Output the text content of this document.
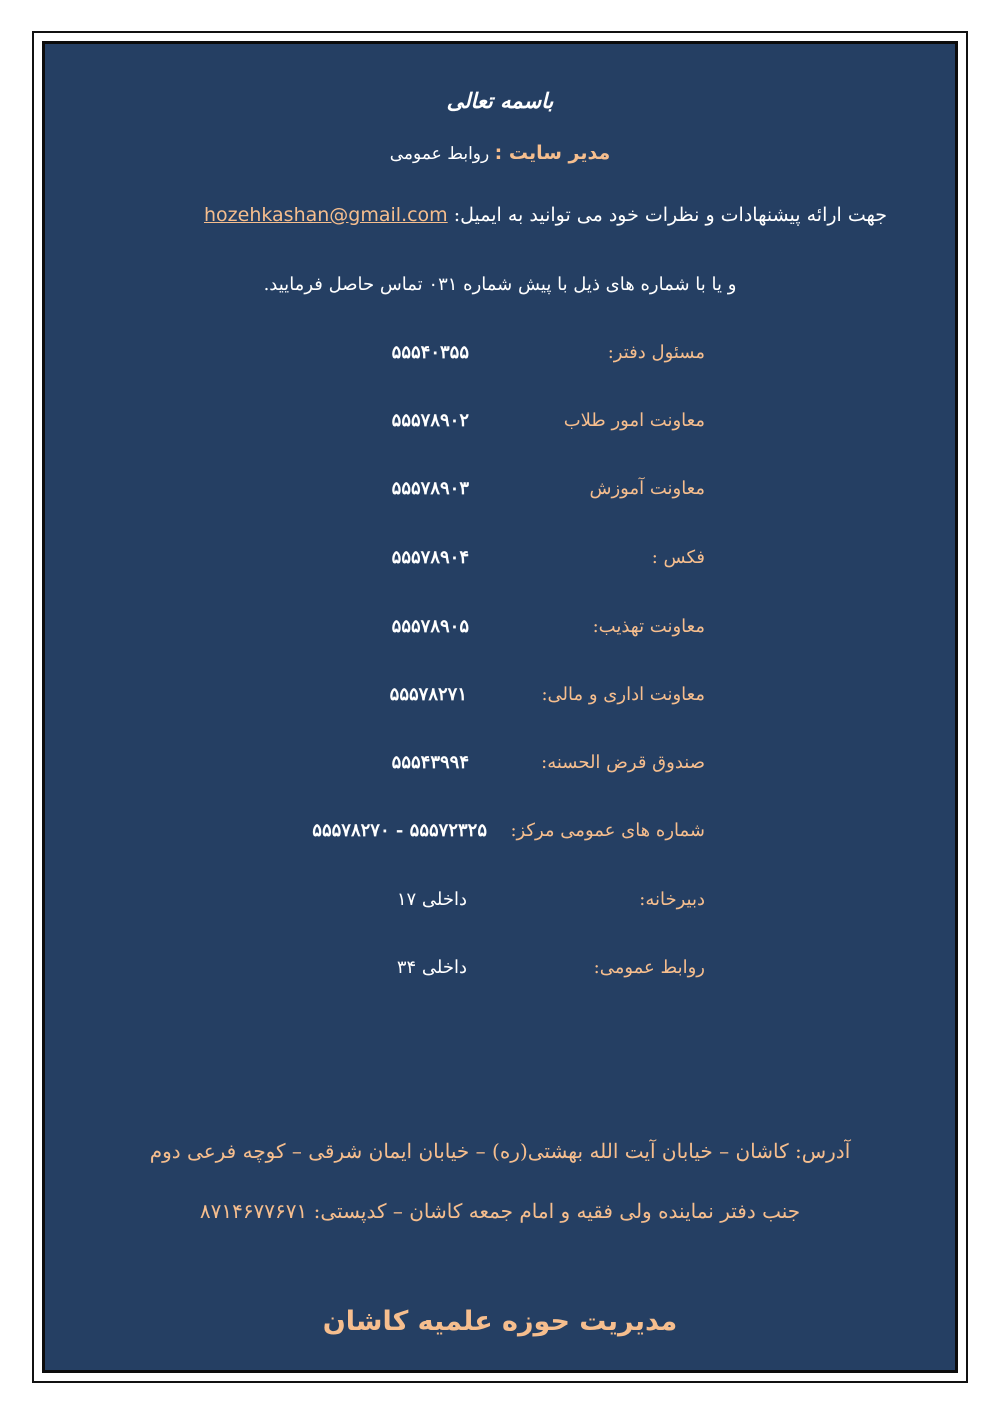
باسمه تعالی

مدیر سایت : روابط عمومی

جهت ارائه پیشنهادات و نظرات خود می توانید به ایمیل: hozehkashan@gmail.com

و یا با شماره های ذیل با پیش شماره ۰۳۱ تماس حاصل فرمایید.

مسئول دفتر:

۵۵۵۴۰۳۵۵

معاونت امور طلاب

۵۵۵۷۸۹۰۲

معاونت آموزش

۵۵۵۷۸۹۰۳

فکس :

۵۵۵۷۸۹۰۴

معاونت تهذیب:

۵۵۵۷۸۹۰۵

معاونت اداری و مالی:

۵۵۵۷۸۲۷۱

صندوق قرض الحسنه:

۵۵۵۴۳۹۹۴

شماره های عمومی مرکز:

۵۵۵۷۲۳۲۵ - ۵۵۵۷۸۲۷۰

دبیرخانه:

داخلی ۱۷

روابط عمومی:

داخلی ۳۴

آدرس: کاشان – خیابان آیت الله بهشتی(ره) – خیابان ایمان شرقی – کوچه فرعی دوم

جنب دفتر نماینده ولی فقیه و امام جمعه کاشان – کدپستی: ۸۷۱۴۶۷۷۶۷۱

مدیریت حوزه علمیه کاشان
